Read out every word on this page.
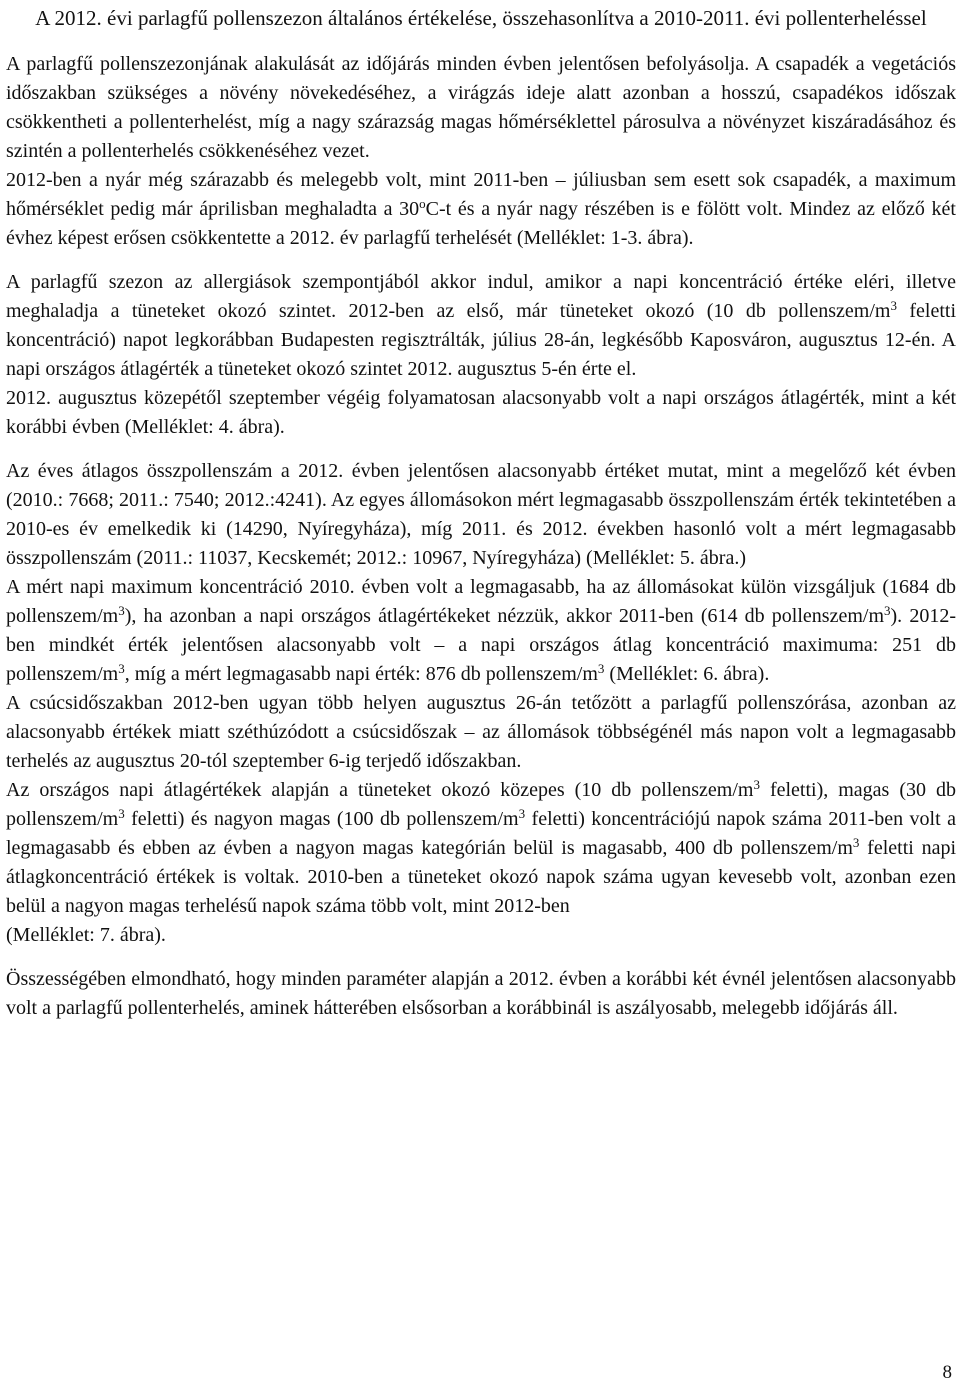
A 2012. évi parlagfű pollenszezon általános értékelése, összehasonlítva a 2010-2011. évi pollenterheléssel

A parlagfű pollenszezonjának alakulását az időjárás minden évben jelentősen befolyásolja. A csapadék a vegetációs időszakban szükséges a növény növekedéséhez, a virágzás ideje alatt azonban a hosszú, csapadékos időszak csökkentheti a pollenterhelést, míg a nagy szárazság magas hőmérséklettel párosulva a növényzet kiszáradásához és szintén a pollenterhelés csökkenéséhez vezet.

2012-ben a nyár még szárazabb és melegebb volt, mint 2011-ben – júliusban sem esett sok csapadék, a maximum hőmérséklet pedig már áprilisban meghaladta a 30$^o$C-t és a nyár nagy részében is e fölött volt. Mindez az előző két évhez képest erősen csökkentette a 2012. év parlagfű terhelését (Melléklet: 1-3. ábra).

A parlagfű szezon az allergiások szempontjából akkor indul, amikor a napi koncentráció értéke eléri, illetve meghaladja a tüneteket okozó szintet. 2012-ben az első, már tüneteket okozó (10 db pollenszem/$m^3$ feletti koncentráció) napot legkorábban Budapesten regisztrálták, július 28-án, legkésőbb Kaposváron, augusztus 12-én. A napi országos átlagérték a tüneteket okozó szintet 2012. augusztus 5-én érte el.

2012. augusztus közepétől szeptember végéig folyamatosan alacsonyabb volt a napi országos átlagérték, mint a két korábbi évben (Melléklet: 4. ábra).

Az éves átlagos összpollenszám a 2012. évben jelentősen alacsonyabb értéket mutat, mint a megelőző két évben (2010.: 7668; 2011.: 7540; 2012.:4241). Az egyes állomásokon mért legmagasabb összpollenszám érték tekintetében a 2010-es év emelkedik ki (14290, Nyíregyháza), míg 2011. és 2012. években hasonló volt a mért legmagasabb összpollenszám (2011.: 11037, Kecskemét; 2012.: 10967, Nyíregyháza) (Melléklet: 5. ábra.)

A mért napi maximum koncentráció 2010. évben volt a legmagasabb, ha az állomásokat külön vizsgáljuk (1684 db pollenszem/$m^3$), ha azonban a napi országos átlagértékeket nézzük, akkor 2011-ben (614 db pollenszem/$m^3$). 2012-ben mindkét érték jelentősen alacsonyabb volt – a napi országos átlag koncentráció maximuma: 251 db pollenszem/$m^3$, míg a mért legmagasabb napi érték: 876 db pollenszem/$m^3$ (Melléklet: 6. ábra).

A csúcsidőszakban 2012-ben ugyan több helyen augusztus 26-án tetőzött a parlagfű pollenszórása, azonban az alacsonyabb értékek miatt széthúzódott a csúcsidőszak – az állomások többségénél más napon volt a legmagasabb terhelés az augusztus 20-tól szeptember 6-ig terjedő időszakban.

Az országos napi átlagértékek alapján a tüneteket okozó közepes (10 db pollenszem/$m^3$ feletti), magas (30 db pollenszem/$m^3$ feletti) és nagyon magas (100 db pollenszem/$m^3$ feletti) koncentrációjú napok száma 2011-ben volt a legmagasabb és ebben az évben a nagyon magas kategórián belül is magasabb, 400 db pollenszem/$m^3$ feletti napi átlagkoncentráció értékek is voltak. 2010-ben a tüneteket okozó napok száma ugyan kevesebb volt, azonban ezen belül a nagyon magas terhelésű napok száma több volt, mint 2012-ben
(Melléklet: 7. ábra).

Összességében elmondható, hogy minden paraméter alapján a 2012. évben a korábbi két évnél jelentősen alacsonyabb volt a parlagfű pollenterhelés, aminek hátterében elsősorban a korábbinál is aszályosabb, melegebb időjárás áll.

8
